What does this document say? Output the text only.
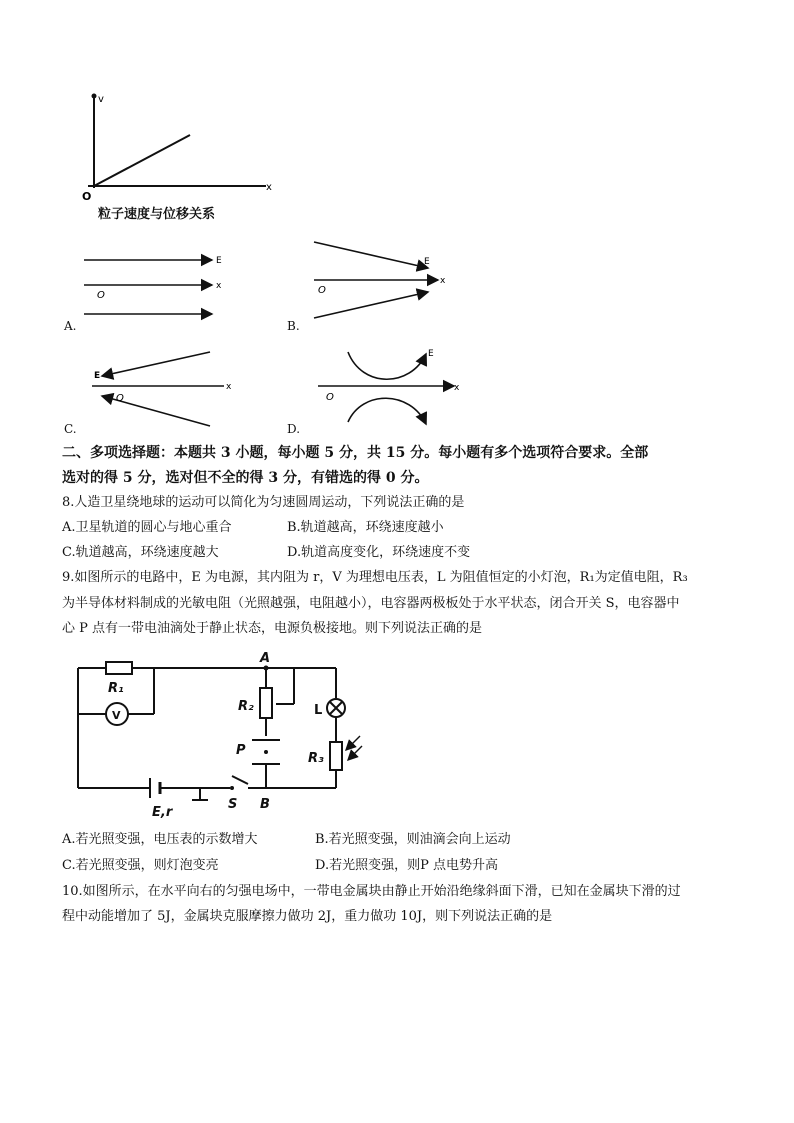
v
x
O
粒子速度与位移关系
E
x
O
A.
E
x
O
B.
E
x
O
C.
E
x
O
D.
二、多项选择题：本题共 3 小题，每小题 5 分，共 15 分。每小题有多个选项符合要求。全部
选对的得 5 分，选对但不全的得 3 分，有错选的得 0 分。
8.人造卫星绕地球的运动可以简化为匀速圆周运动，下列说法正确的是
A.卫星轨道的圆心与地心重合	B.轨道越高，环绕速度越小
C.轨道越高，环绕速度越大	D.轨道高度变化，环绕速度不变
9.如图所示的电路中，E 为电源，其内阻为 r，V 为理想电压表，L 为阻值恒定的小灯泡，R₁为定值电阻，R₃
为半导体材料制成的光敏电阻（光照越强，电阻越小），电容器两极板处于水平状态，闭合开关 S，电容器中
心 P 点有一带电油滴处于静止状态，电源负极接地。则下列说法正确的是
R₁
V
A
R₂
P
L
R₃
E,r
S B
A.若光照变强，电压表的示数增大	B.若光照变强，则油滴会向上运动
C.若光照变强，则灯泡变亮	D.若光照变强，则P 点电势升高
10.如图所示，在水平向右的匀强电场中，一带电金属块由静止开始沿绝缘斜面下滑，已知在金属块下滑的过
程中动能增加了 5J，金属块克服摩擦力做功 2J，重力做功 10J，则下列说法正确的是
